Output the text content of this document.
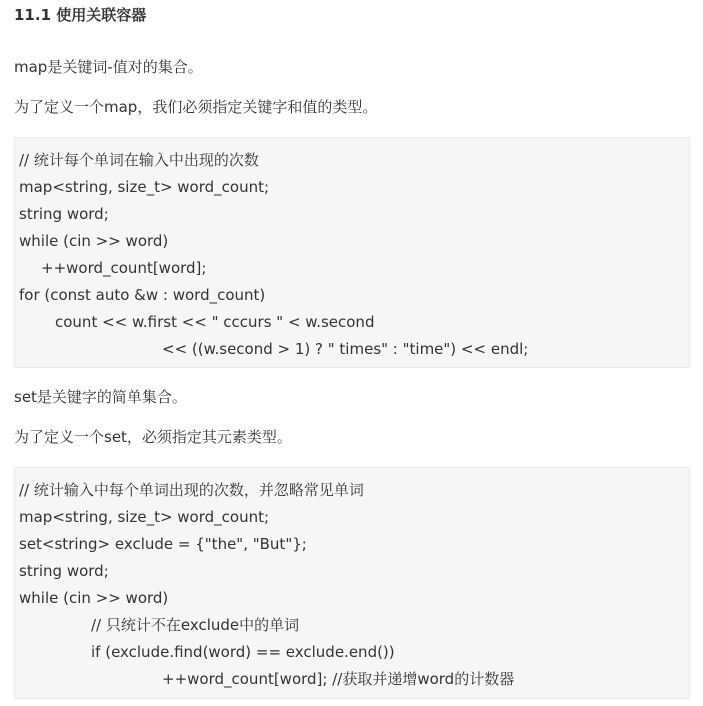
11.1 使用关联容器

map是关键词-值对的集合。

为了定义一个map，我们必须指定关键字和值的类型。

// 统计每个单词在输入中出现的次数
map<string, size_t> word_count;
string word;
while (cin >> word)
++word_count[word];
for (const auto &w : word_count)
count << w.first << " cccurs " < w.second
<< ((w.second > 1) ? " times" : "time") << endl;

set是关键字的简单集合。

为了定义一个set，必须指定其元素类型。

// 统计输入中每个单词出现的次数，并忽略常见单词
map<string, size_t> word_count;
set<string> exclude = {"the", "But"};
string word;
while (cin >> word)
// 只统计不在exclude中的单词
if (exclude.find(word) == exclude.end())
++word_count[word]; //获取并递增word的计数器
